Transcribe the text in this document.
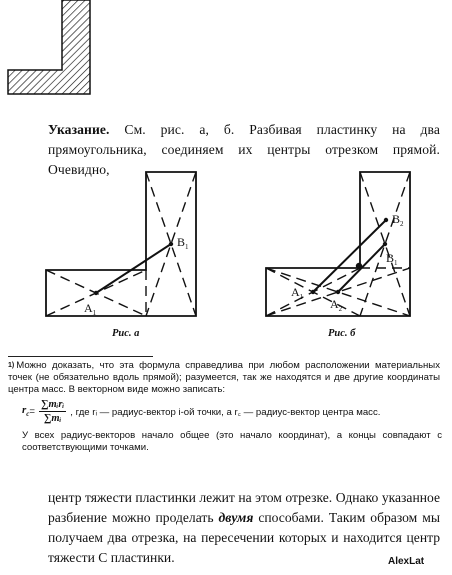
Указание. См. рис. а, б. Разбивая пластинку на два прямоугольника, соединяем их центры отрезком прямой. Очевидно,
$A_1$
$B_1$
Рис. а
$A_1$ $A_2$
$B_1$
$B_2$
Рис. б
$^{1)}$ Можно доказать, что эта формула справедлива при любом расположении материальных точек (не обязательно вдоль прямой); разумеется, так же находятся и две другие координаты центра масс. В векторном виде можно записать:
$r_c = \frac{\text{∑mᵢrᵢ}}{\text{∑mᵢ}}$ , где rᵢ — радиус-вектор i-ой точки, а r꜀ — радиус-вектор центра масс.
У всех радиус-векторов начало общее (это начало координат), а концы совпадают с соответствующими точками.
центр тяжести пластинки лежит на этом отрезке. Однако указанное разбиение можно проделать двумя способами. Таким образом мы получаем два отрезка, на пересечении которых и находится центр тяжести С пластинки.	AlexLat
